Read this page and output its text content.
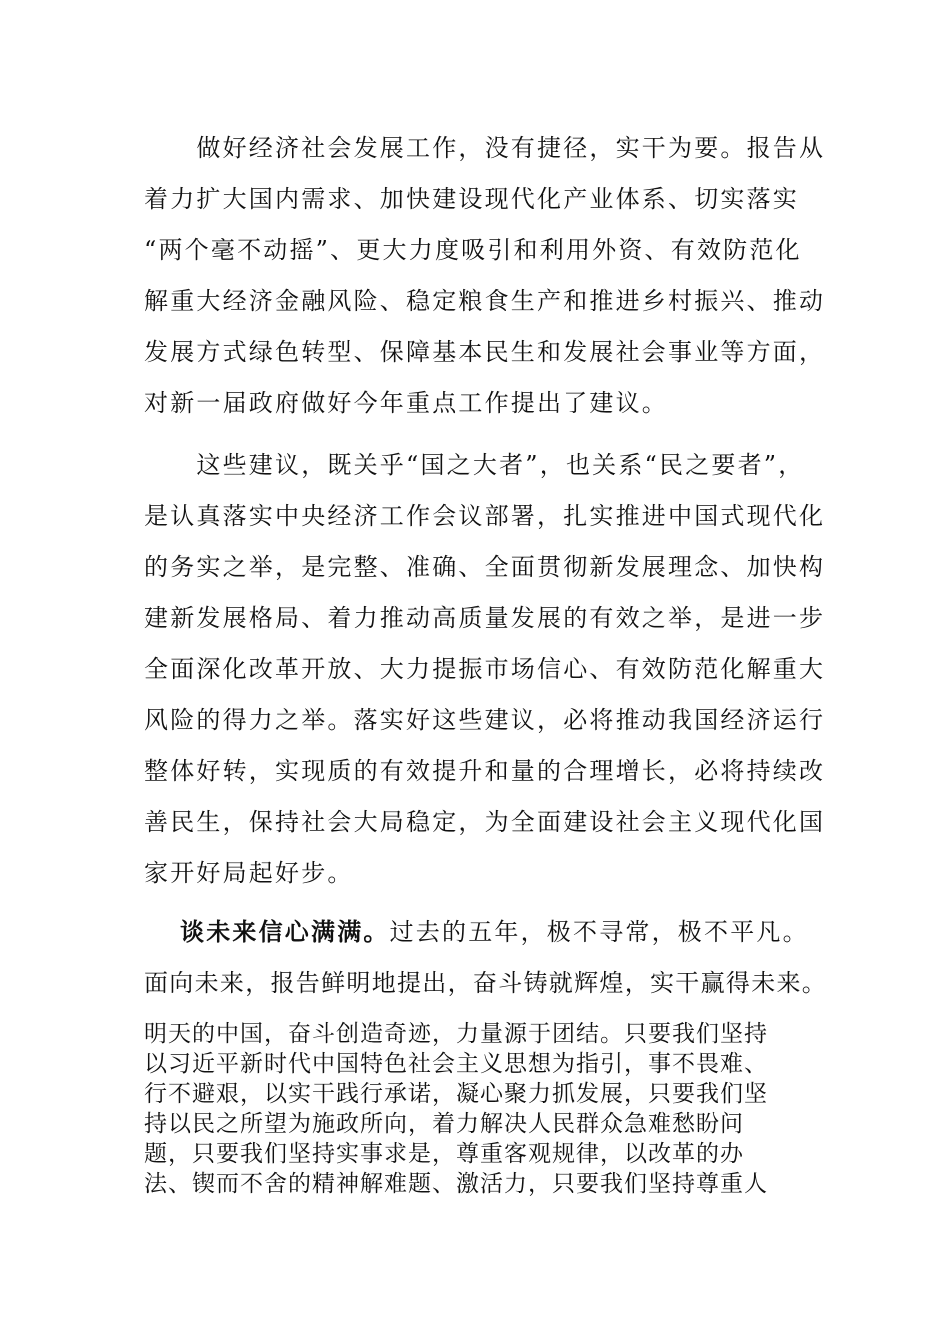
　　做好经济社会发展工作，没有捷径，实干为要。报告从
着力扩大国内需求、加快建设现代化产业体系、切实落实
“两个毫不动摇”、更大力度吸引和利用外资、有效防范化
解重大经济金融风险、稳定粮食生产和推进乡村振兴、推动
发展方式绿色转型、保障基本民生和发展社会事业等方面，
对新一届政府做好今年重点工作提出了建议。
　　这些建议，既关乎“国之大者”，也关系“民之要者”，
是认真落实中央经济工作会议部署，扎实推进中国式现代化
的务实之举，是完整、准确、全面贯彻新发展理念、加快构
建新发展格局、着力推动高质量发展的有效之举，是进一步
全面深化改革开放、大力提振市场信心、有效防范化解重大
风险的得力之举。落实好这些建议，必将推动我国经济运行
整体好转，实现质的有效提升和量的合理增长，必将持续改
善民生，保持社会大局稳定，为全面建设社会主义现代化国
家开好局起好步。
谈未来信心满满。过去的五年，极不寻常，极不平凡。
面向未来，报告鲜明地提出，奋斗铸就辉煌，实干赢得未来。
明天的中国，奋斗创造奇迹，力量源于团结。只要我们坚持
以习近平新时代中国特色社会主义思想为指引，事不畏难、
行不避艰，以实干践行承诺，凝心聚力抓发展，只要我们坚
持以民之所望为施政所向，着力解决人民群众急难愁盼问
题，只要我们坚持实事求是，尊重客观规律，以改革的办
法、锲而不舍的精神解难题、激活力，只要我们坚持尊重人
